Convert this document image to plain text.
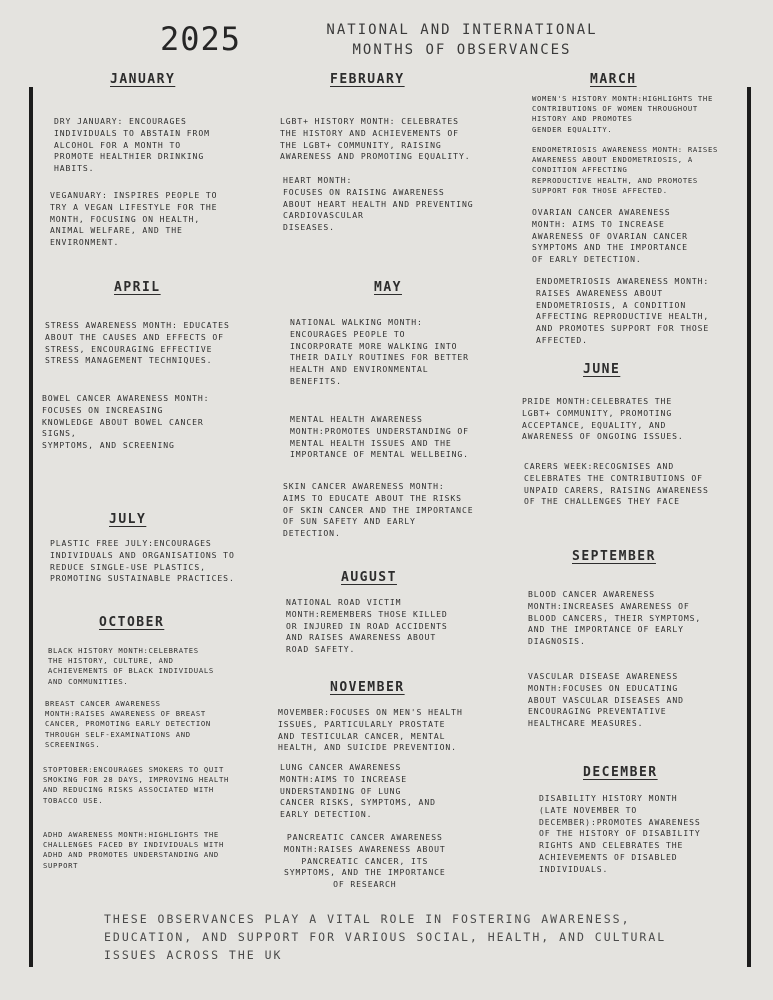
2025	NATIONAL AND INTERNATIONAL
MONTHS OF OBSERVANCES
JANUARY
DRY JANUARY: ENCOURAGES
INDIVIDUALS TO ABSTAIN FROM
ALCOHOL FOR A MONTH TO
PROMOTE HEALTHIER DRINKING
HABITS.
VEGANUARY: INSPIRES PEOPLE TO
TRY A VEGAN LIFESTYLE FOR THE
MONTH, FOCUSING ON HEALTH,
ANIMAL WELFARE, AND THE
ENVIRONMENT.
FEBRUARY
LGBT+ HISTORY MONTH: CELEBRATES
THE HISTORY AND ACHIEVEMENTS OF
THE LGBT+ COMMUNITY, RAISING
AWARENESS AND PROMOTING EQUALITY.
HEART MONTH:
FOCUSES ON RAISING AWARENESS
ABOUT HEART HEALTH AND PREVENTING
CARDIOVASCULAR
DISEASES.
MARCH
WOMEN'S HISTORY MONTH:HIGHLIGHTS THE
CONTRIBUTIONS OF WOMEN THROUGHOUT
HISTORY AND PROMOTES
GENDER EQUALITY.
ENDOMETRIOSIS AWARENESS MONTH: RAISES
AWARENESS ABOUT ENDOMETRIOSIS, A
CONDITION AFFECTING
REPRODUCTIVE HEALTH, AND PROMOTES
SUPPORT FOR THOSE AFFECTED.
OVARIAN CANCER AWARENESS
MONTH: AIMS TO INCREASE
AWARENESS OF OVARIAN CANCER
SYMPTOMS AND THE IMPORTANCE
OF EARLY DETECTION.
ENDOMETRIOSIS AWARENESS MONTH:
RAISES AWARENESS ABOUT
ENDOMETRIOSIS, A CONDITION
AFFECTING REPRODUCTIVE HEALTH,
AND PROMOTES SUPPORT FOR THOSE
AFFECTED.
APRIL
STRESS AWARENESS MONTH: EDUCATES
ABOUT THE CAUSES AND EFFECTS OF
STRESS, ENCOURAGING EFFECTIVE
STRESS MANAGEMENT TECHNIQUES.
BOWEL CANCER AWARENESS MONTH:
FOCUSES ON INCREASING
KNOWLEDGE ABOUT BOWEL CANCER
SIGNS,
SYMPTOMS, AND SCREENING
MAY
NATIONAL WALKING MONTH:
ENCOURAGES PEOPLE TO
INCORPORATE MORE WALKING INTO
THEIR DAILY ROUTINES FOR BETTER
HEALTH AND ENVIRONMENTAL
BENEFITS.
MENTAL HEALTH AWARENESS
MONTH:PROMOTES UNDERSTANDING OF
MENTAL HEALTH ISSUES AND THE
IMPORTANCE OF MENTAL WELLBEING.
SKIN CANCER AWARENESS MONTH:
AIMS TO EDUCATE ABOUT THE RISKS
OF SKIN CANCER AND THE IMPORTANCE
OF SUN SAFETY AND EARLY
DETECTION.
JUNE
PRIDE MONTH:CELEBRATES THE
LGBT+ COMMUNITY, PROMOTING
ACCEPTANCE, EQUALITY, AND
AWARENESS OF ONGOING ISSUES.
CARERS WEEK:RECOGNISES AND
CELEBRATES THE CONTRIBUTIONS OF
UNPAID CARERS, RAISING AWARENESS
OF THE CHALLENGES THEY FACE
JULY
PLASTIC FREE JULY:ENCOURAGES
INDIVIDUALS AND ORGANISATIONS TO
REDUCE SINGLE-USE PLASTICS,
PROMOTING SUSTAINABLE PRACTICES.	AUGUST
NATIONAL ROAD VICTIM
MONTH:REMEMBERS THOSE KILLED
OR INJURED IN ROAD ACCIDENTS
AND RAISES AWARENESS ABOUT
ROAD SAFETY.
SEPTEMBER
BLOOD CANCER AWARENESS
MONTH:INCREASES AWARENESS OF
BLOOD CANCERS, THEIR SYMPTOMS,
AND THE IMPORTANCE OF EARLY
DIAGNOSIS.
VASCULAR DISEASE AWARENESS
MONTH:FOCUSES ON EDUCATING
ABOUT VASCULAR DISEASES AND
ENCOURAGING PREVENTATIVE
HEALTHCARE MEASURES.
OCTOBER
BLACK HISTORY MONTH:CELEBRATES
THE HISTORY, CULTURE, AND
ACHIEVEMENTS OF BLACK INDIVIDUALS
AND COMMUNITIES.
BREAST CANCER AWARENESS
MONTH:RAISES AWARENESS OF BREAST
CANCER, PROMOTING EARLY DETECTION
THROUGH SELF-EXAMINATIONS AND
SCREENINGS.
STOPTOBER:ENCOURAGES SMOKERS TO QUIT
SMOKING FOR 28 DAYS, IMPROVING HEALTH
AND REDUCING RISKS ASSOCIATED WITH
TOBACCO USE.
ADHD AWARENESS MONTH:HIGHLIGHTS THE
CHALLENGES FACED BY INDIVIDUALS WITH
ADHD AND PROMOTES UNDERSTANDING AND
SUPPORT
NOVEMBER
MOVEMBER:FOCUSES ON MEN'S HEALTH
ISSUES, PARTICULARLY PROSTATE
AND TESTICULAR CANCER, MENTAL
HEALTH, AND SUICIDE PREVENTION.
LUNG CANCER AWARENESS
MONTH:AIMS TO INCREASE
UNDERSTANDING OF LUNG
CANCER RISKS, SYMPTOMS, AND
EARLY DETECTION.
PANCREATIC CANCER AWARENESS
MONTH:RAISES AWARENESS ABOUT
PANCREATIC CANCER, ITS
SYMPTOMS, AND THE IMPORTANCE
OF RESEARCH
DECEMBER
DISABILITY HISTORY MONTH
(LATE NOVEMBER TO
DECEMBER):PROMOTES AWARENESS
OF THE HISTORY OF DISABILITY
RIGHTS AND CELEBRATES THE
ACHIEVEMENTS OF DISABLED
INDIVIDUALS.
THESE OBSERVANCES PLAY A VITAL ROLE IN FOSTERING AWARENESS,
EDUCATION, AND SUPPORT FOR VARIOUS SOCIAL, HEALTH, AND CULTURAL
ISSUES ACROSS THE UK
